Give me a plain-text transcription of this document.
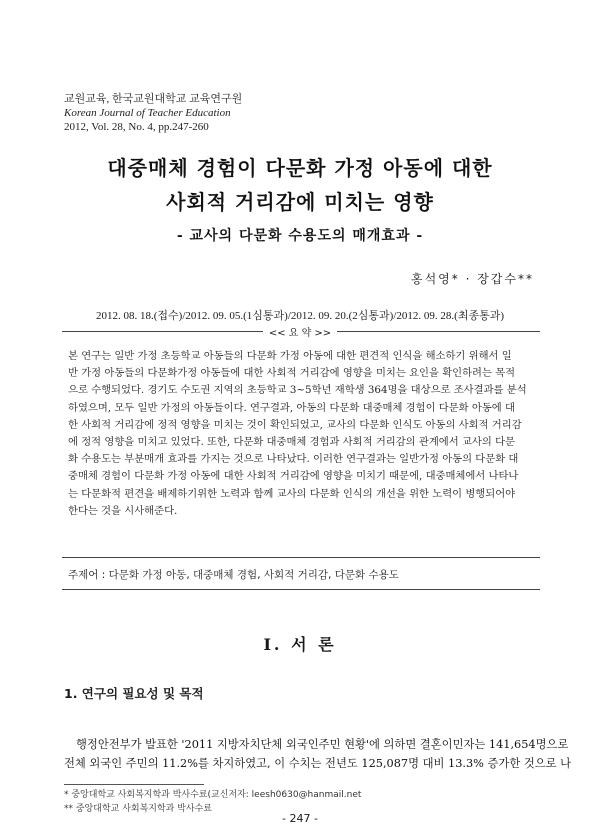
교원교육, 한국교원대학교 교육연구원
Korean Journal of Teacher Education
2012, Vol. 28, No. 4, pp.247-260
대중매체 경험이 다문화 가정 아동에 대한
사회적 거리감에 미치는 영향
- 교사의 다문화 수용도의 매개효과 -
홍석영* · 장갑수**
2012. 08. 18.(접수)/2012. 09. 05.(1심통과)/2012. 09. 20.(2심통과)/2012. 09. 28.(최종통과)
<< 요 약 >>
본 연구는 일반 가정 초등학교 아동들의 다문화 가정 아동에 대한 편견적 인식을 해소하기 위해서 일
반 가정 아동들의 다문화가정 아동들에 대한 사회적 거리감에 영향을 미치는 요인을 확인하려는 목적
으로 수행되었다. 경기도 수도권 지역의 초등학교 3~5학년 재학생 364명을 대상으로 조사결과를 분석
하였으며, 모두 일반 가정의 아동들이다. 연구결과, 아동의 다문화 대중매체 경험이 다문화 아동에 대
한 사회적 거리감에 정적 영향을 미치는 것이 확인되었고, 교사의 다문화 인식도 아동의 사회적 거리감
에 정적 영향을 미치고 있었다. 또한, 다문화 대중매체 경험과 사회적 거리감의 관계에서 교사의 다문
화 수용도는 부분매개 효과를 가지는 것으로 나타났다. 이러한 연구결과는 일반가정 아동의 다문화 대
중매체 경험이 다문화 가정 아동에 대한 사회적 거리감에 영향을 미치기 때문에, 대중매체에서 나타나
는 다문화적 편견을 배제하기위한 노력과 함께 교사의 다문화 인식의 개선을 위한 노력이 병행되어야
한다는 것을 시사해준다.
주제어 : 다문화 가정 아동, 대중매체 경험, 사회적 거리감, 다문화 수용도
Ⅰ. 서 론
1. 연구의 필요성 및 목적
행정안전부가 발표한 '2011 지방자치단체 외국인주민 현황'에 의하면 결혼이민자는 141,654명으로
전체 외국인 주민의 11.2%를 차지하였고, 이 수치는 전년도 125,087명 대비 13.3% 증가한 것으로 나
* 중앙대학교 사회복지학과 박사수료(교신저자: leesh0630@hanmail.net
** 중앙대학교 사회복지학과 박사수료
- 247 -
